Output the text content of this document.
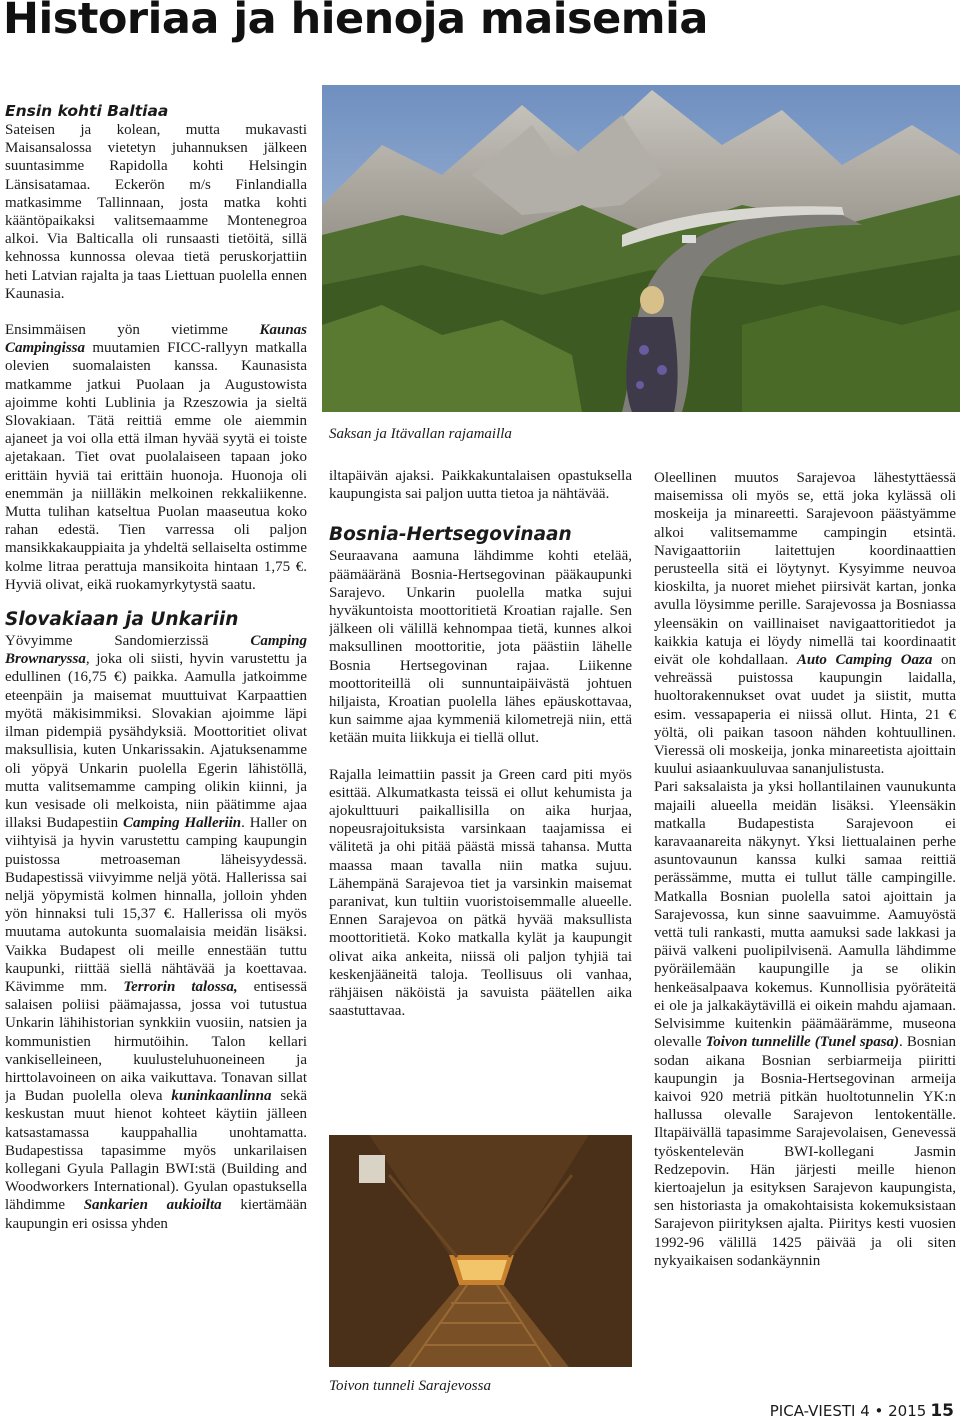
Historiaa ja hienoja maisemia

Ensin kohti Baltiaa

Sateisen ja kolean, mutta mukavasti Maisansalossa vietetyn juhannuksen jälkeen suuntasimme Rapidolla kohti Helsingin Länsisatamaa. Eckerön m/s Finlandialla matkasimme Tallinnaan, josta matka kohti kääntöpaikaksi valitsemaamme Montenegroa alkoi. Via Balticalla oli runsaasti tietöitä, sillä kehnossa kunnossa olevaa tietä peruskorjattiin heti Latvian rajalta ja taas Liettuan puolella ennen Kaunasia.

Ensimmäisen yön vietimme Kaunas Campingissa muutamien FICC-rallyyn matkalla olevien suomalaisten kanssa. Kaunasista matkamme jatkui Puolaan ja Augustowista ajoimme kohti Lublinia ja Rzeszowia ja sieltä Slovakiaan. Tätä reittiä emme ole aiemmin ajaneet ja voi olla että ilman hyvää syytä ei toiste ajetakaan. Tiet ovat puolalaiseen tapaan joko erittäin hyviä tai erittäin huonoja. Huonoja oli enemmän ja niilläkin melkoinen rekkaliikenne. Mutta tulihan katseltua Puolan maaseutua koko rahan edestä. Tien varressa oli paljon mansikkakauppiaita ja yhdeltä sellaiselta ostimme kolme litraa perattuja mansikoita hintaan 1,75 €. Hyviä olivat, eikä ruokamyrkytystä saatu.

Slovakiaan ja Unkariin

Yövyimme Sandomierzissä Camping Brownaryssa, joka oli siisti, hyvin varustettu ja edullinen (16,75 €) paikka. Aamulla jatkoimme eteenpäin ja maisemat muuttuivat Karpaattien myötä mäkisimmiksi. Slovakian ajoimme läpi ilman pidempiä pysähdyksiä. Moottoritiet olivat maksullisia, kuten Unkarissakin. Ajatuksenamme oli yöpyä Unkarin puolella Egerin lähistöllä, mutta valitsemamme camping olikin kiinni, ja kun vesisade oli melkoista, niin päätimme ajaa illaksi Budapestiin Camping Halleriin. Haller on viihtyisä ja hyvin varustettu camping kaupungin puistossa metroaseman läheisyydessä. Budapestissä viivyimme neljä yötä. Hallerissa sai neljä yöpymistä kolmen hinnalla, jolloin yhden yön hinnaksi tuli 15,37 €. Hallerissa oli myös muutama autokunta suomalaisia meidän lisäksi. Vaikka Budapest oli meille ennestään tuttu kaupunki, riittää siellä nähtävää ja koettavaa. Kävimme mm. Terrorin talossa, entisessä salaisen poliisi päämajassa, jossa voi tutustua Unkarin lähihistorian synkkiin vuosiin, natsien ja kommunistien hirmutöihin. Talon kellari vankiselleineen, kuulusteluhuoneineen ja hirttolavoineen on aika vaikuttava. Tonavan sillat ja Budan puolella oleva kuninkaanlinna sekä keskustan muut hienot kohteet käytiin jälleen katsastamassa kauppahallia unohtamatta. Budapestissa tapasimme myös unkarilaisen kollegani Gyula Pallagin BWI:stä (Building and Woodworkers International). Gyulan opastuksella lähdimme Sankarien aukioilta kiertämään kaupungin eri osissa yhden

Saksan ja Itävallan rajamailla

iltapäivän ajaksi. Paikkakuntalaisen opastuksella kaupungista sai paljon uutta tietoa ja nähtävää.

Bosnia-Hertsegovinaan

Seuraavana aamuna lähdimme kohti etelää, päämääränä Bosnia-Hertsegovinan pääkaupunki Sarajevo. Unkarin puolella matka sujui hyväkuntoista moottoritietä Kroatian rajalle. Sen jälkeen oli välillä kehnompaa tietä, kunnes alkoi maksullinen moottoritie, jota päästiin lähelle Bosnia Hertsegovinan rajaa. Liikenne moottoriteillä oli sunnuntaipäivästä johtuen hiljaista, Kroatian puolella lähes epäuskottavaa, kun saimme ajaa kymmeniä kilometrejä niin, että ketään muita liikkuja ei tiellä ollut.

Rajalla leimattiin passit ja Green card piti myös esittää. Alkumatkasta teissä ei ollut kehumista ja ajokulttuuri paikallisilla on aika hurjaa, nopeusrajoituksista varsinkaan taajamissa ei välitetä ja ohi pitää päästä missä tahansa. Mutta maassa maan tavalla niin matka sujuu. Lähempänä Sarajevoa tiet ja varsinkin maisemat paranivat, kun tultiin vuoristoisemmalle alueelle. Ennen Sarajevoa on pätkä hyvää maksullista moottoritietä. Koko matkalla kylät ja kaupungit olivat aika ankeita, niissä oli paljon tyhjiä tai keskenjääneitä taloja. Teollisuus oli vanhaa, rähjäisen näköistä ja savuista päätellen aika saastuttavaa.

Toivon tunneli Sarajevossa

Oleellinen muutos Sarajevoa lähestyttäessä maisemissa oli myös se, että joka kylässä oli moskeija ja minareetti. Sarajevoon päästyämme alkoi valitsemamme campingin etsintä. Navigaattoriin laitettujen koordinaattien perusteella sitä ei löytynyt. Kysyimme neuvoa kioskilta, ja nuoret miehet piirsivät kartan, jonka avulla löysimme perille. Sarajevossa ja Bosniassa yleensäkin on vaillinaiset navigaattoritiedot ja kaikkia katuja ei löydy nimellä tai koordinaatit eivät ole kohdallaan. Auto Camping Oaza on vehreässä puistossa kaupungin laidalla, huoltorakennukset ovat uudet ja siistit, mutta esim. vessapaperia ei niissä ollut. Hinta, 21 € yöltä, oli paikan tasoon nähden kohtuullinen. Vieressä oli moskeija, jonka minareetista ajoittain kuului asiaankuuluvaa sananjulistusta.

Pari saksalaista ja yksi hollantilainen vaunukunta majaili alueella meidän lisäksi. Yleensäkin matkalla Budapestista Sarajevoon ei karavaanareita näkynyt. Yksi liettualainen perhe asuntovaunun kanssa kulki samaa reittiä perässämme, mutta ei tullut tälle campingille. Matkalla Bosnian puolella satoi ajoittain ja Sarajevossa, kun sinne saavuimme. Aamuyöstä vettä tuli rankasti, mutta aamuksi sade lakkasi ja päivä valkeni puolipilvisenä. Aamulla lähdimme pyöräilemään kaupungille ja se olikin henkeäsalpaava kokemus. Kunnollisia pyöräteitä ei ole ja jalkakäytävillä ei oikein mahdu ajamaan. Selvisimme kuitenkin päämäärämme, museona olevalle Toivon tunnelille (Tunel spasa). Bosnian sodan aikana Bosnian serbiarmeija piiritti kaupungin ja Bosnia-Hertsegovinan armeija kaivoi 920 metriä pitkän huoltotunnelin YK:n hallussa olevalle Sarajevon lentokentälle. Iltapäivällä tapasimme Sarajevolaisen, Genevessä työskentelevän BWI-kollegani Jasmin Redzepovin. Hän järjesti meille hienon kiertoajelun ja esityksen Sarajevon kaupungista, sen historiasta ja omakohtaisista kokemuksistaan Sarajevon piirityksen ajalta. Piiritys kesti vuosien 1992-96 välillä 1425 päivää ja oli siten nykyaikaisen sodankäynnin

PICA-VIESTI 4 • 2015 15
